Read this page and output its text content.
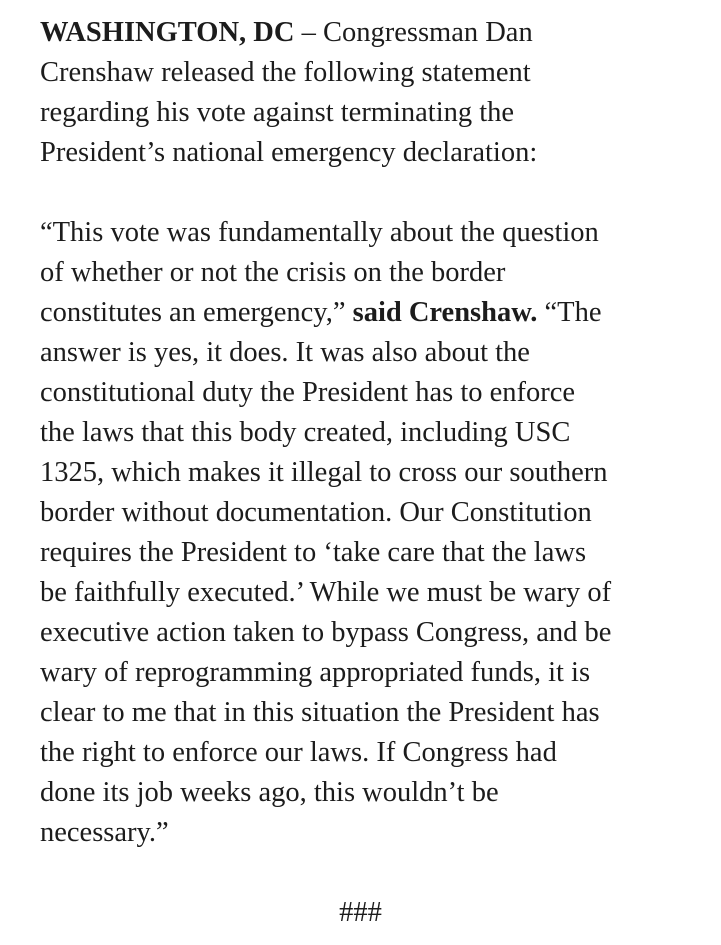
WASHINGTON, DC – Congressman Dan
Crenshaw released the following statement
regarding his vote against terminating the
President’s national emergency declaration:

“This vote was fundamentally about the question
of whether or not the crisis on the border
constitutes an emergency,” said Crenshaw. “The
answer is yes, it does. It was also about the
constitutional duty the President has to enforce
the laws that this body created, including USC
1325, which makes it illegal to cross our southern
border without documentation. Our Constitution
requires the President to ‘take care that the laws
be faithfully executed.’ While we must be wary of
executive action taken to bypass Congress, and be
wary of reprogramming appropriated funds, it is
clear to me that in this situation the President has
the right to enforce our laws. If Congress had
done its job weeks ago, this wouldn’t be
necessary.”

###
